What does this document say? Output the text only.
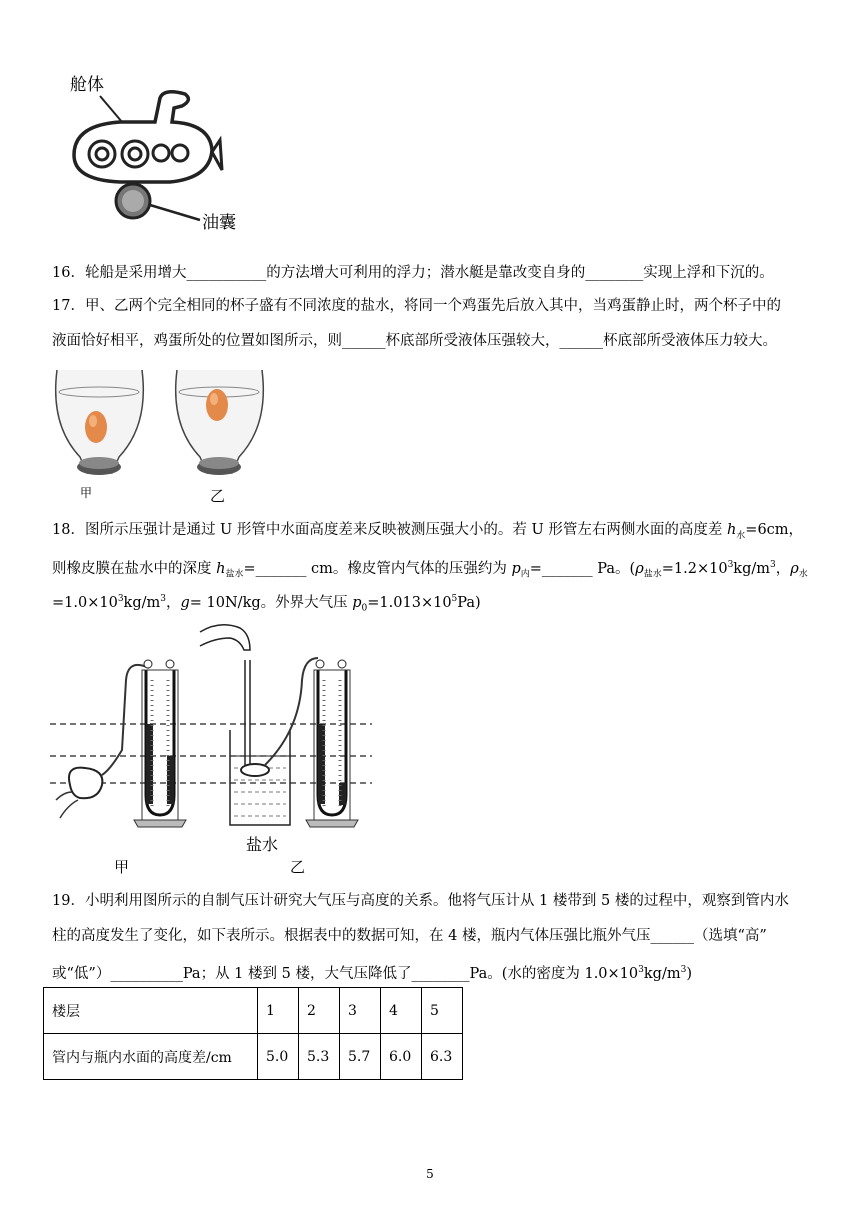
舱体
油囊
16．轮船是采用增大___________的方法增大可利用的浮力；潜水艇是靠改变自身的________实现上浮和下沉的。
17．甲、乙两个完全相同的杯子盛有不同浓度的盐水，将同一个鸡蛋先后放入其中，当鸡蛋静止时，两个杯子中的
液面恰好相平，鸡蛋所处的位置如图所示，则______杯底部所受液体压强较大，______杯底部所受液体压力较大。
甲	乙
18．图所示压强计是通过 U 形管中水面高度差来反映被测压强大小的。若 U 形管左右两侧水面的高度差 $h_水=6cm$，
则橡皮膜在盐水中的深度 $h_{盐水}=\_\_\_\_\_\_\_$ cm。橡皮管内气体的压强约为 $p_内=\_\_\_\_\_\_\_$ Pa。($\rho_{盐水}=1.2\times 10^3kg/m^3$，$\rho_水$
$=1.0\times 10^3kg/m^3$，g= 10N/kg。外界大气压 $p_0=1.013\times 10^5Pa$)
盐水
甲	乙
19．小明利用图所示的自制气压计研究大气压与高度的关系。他将气压计从 1 楼带到 5 楼的过程中，观察到管内水
柱的高度发生了变化，如下表所示。根据表中的数据可知，在 4 楼，瓶内气体压强比瓶外气压______（选填“高”
或“低”）__________Pa；从 1 楼到 5 楼，大气压降低了________Pa。(水的密度为 $1.0\times 10^3kg/m^3$)
楼层	1	2	3	4	5
管内与瓶内水面的高度差/cm	5.0	5.3	5.7	6.0	6.3
5
